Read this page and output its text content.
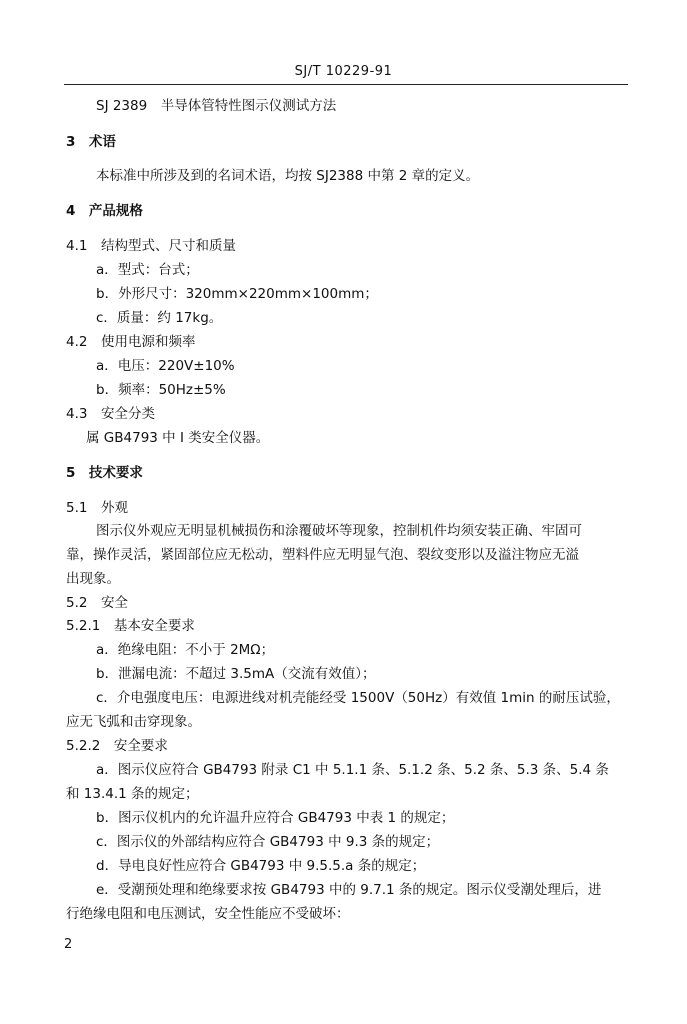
SJ/T 10229-91
SJ 2389　半导体管特性图示仪测试方法
3　术语
本标准中所涉及到的名词术语，均按 SJ2388 中第 2 章的定义。
4　产品规格
4.1　结构型式、尺寸和质量
a．型式：台式；
b．外形尺寸：320mm×220mm×100mm；
c．质量：约 17kg。
4.2　使用电源和频率
a．电压：220V±10%
b．频率：50Hz±5%
4.3　安全分类
属 GB4793 中 I 类安全仪器。
5　技术要求
5.1　外观
图示仪外观应无明显机械损伤和涂覆破坏等现象，控制机件均须安装正确、牢固可
靠，操作灵活，紧固部位应无松动，塑料件应无明显气泡、裂纹变形以及溢注物应无溢
出现象。
5.2　安全
5.2.1　基本安全要求
a．绝缘电阻：不小于 2MΩ；
b．泄漏电流：不超过 3.5mA（交流有效值）；
c．介电强度电压：电源进线对机壳能经受 1500V（50Hz）有效值 1min 的耐压试验，
应无飞弧和击穿现象。
5.2.2　安全要求
a．图示仪应符合 GB4793 附录 C1 中 5.1.1 条、5.1.2 条、5.2 条、5.3 条、5.4 条
和 13.4.1 条的规定；
b．图示仪机内的允许温升应符合 GB4793 中表 1 的规定；
c．图示仪的外部结构应符合 GB4793 中 9.3 条的规定；
d．导电良好性应符合 GB4793 中 9.5.5.a 条的规定；
e．受潮预处理和绝缘要求按 GB4793 中的 9.7.1 条的规定。图示仪受潮处理后，进
行绝缘电阻和电压测试，安全性能应不受破坏：
2
